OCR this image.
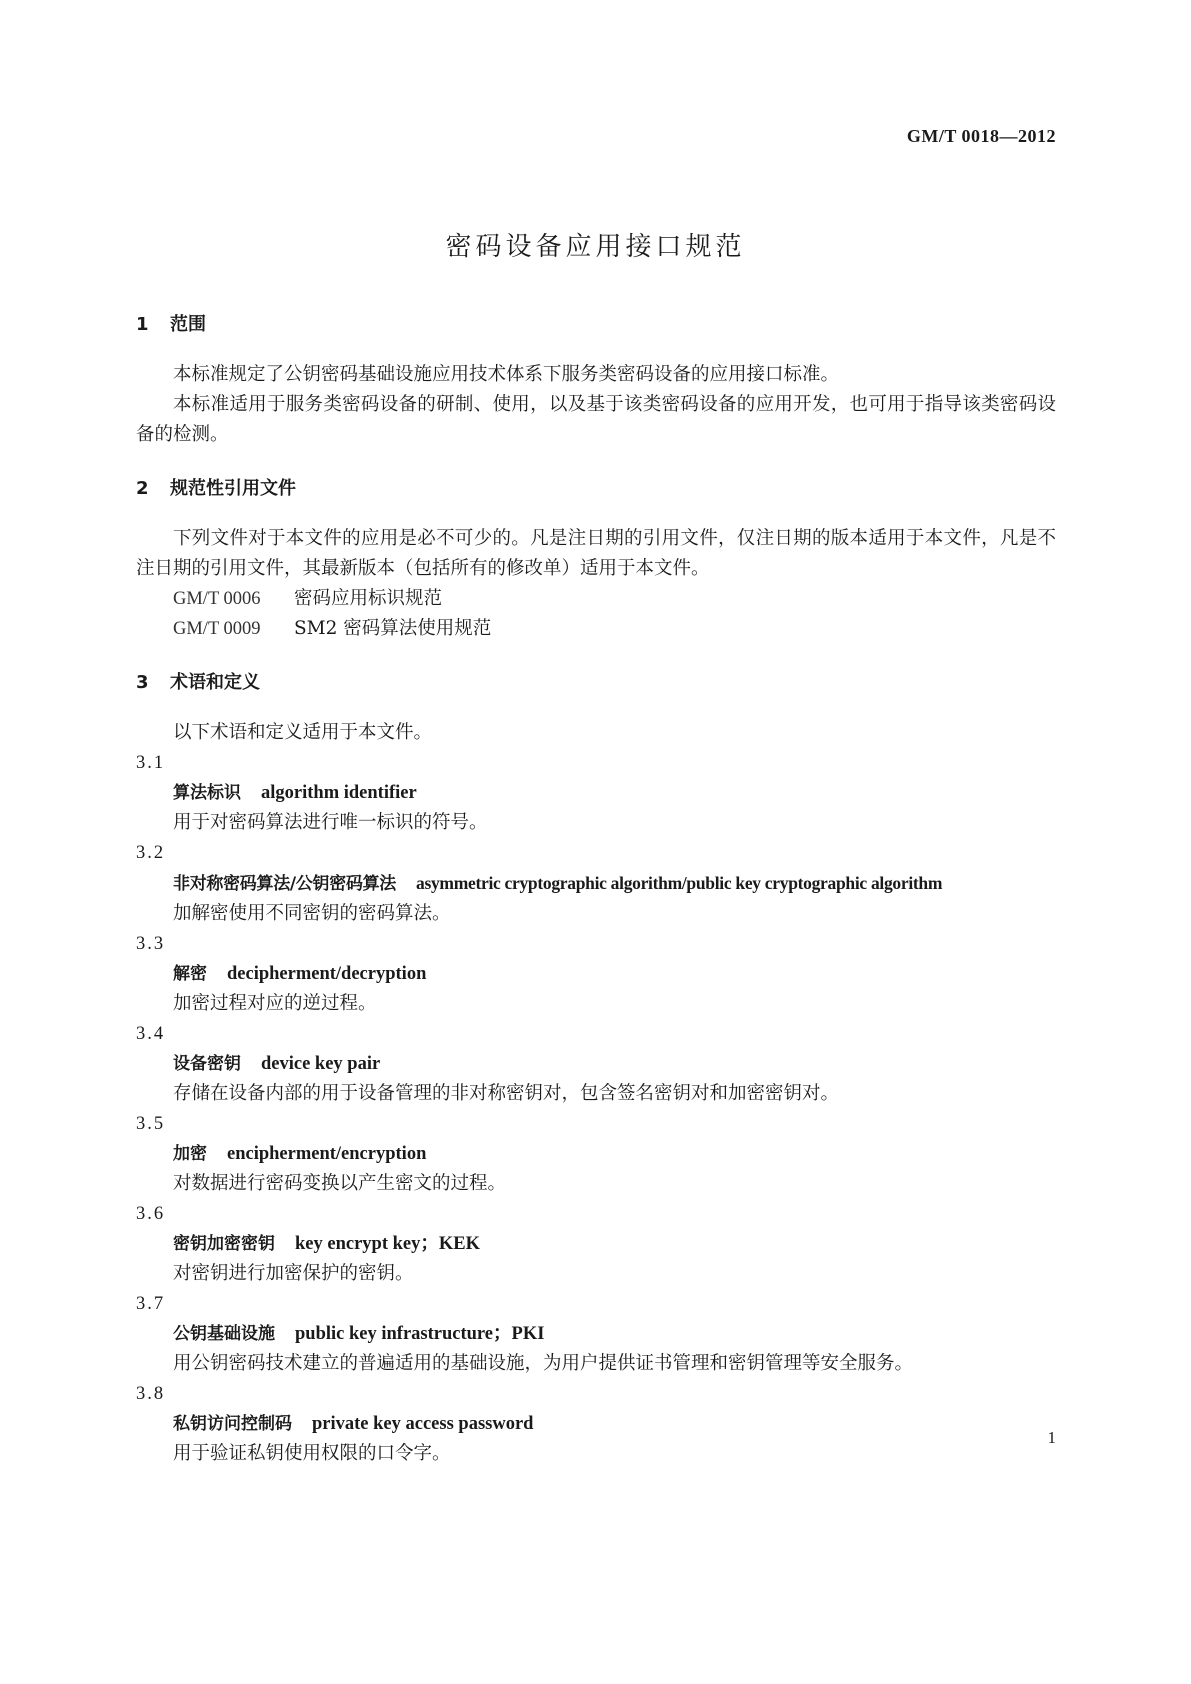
GM/T 0018—2012
密码设备应用接口规范
1 范围

本标准规定了公钥密码基础设施应用技术体系下服务类密码设备的应用接口标准。

本标准适用于服务类密码设备的研制、使用，以及基于该类密码设备的应用开发，也可用于指导该类密码设备的检测。

2 规范性引用文件

下列文件对于本文件的应用是必不可少的。凡是注日期的引用文件，仅注日期的版本适用于本文件，凡是不注日期的引用文件，其最新版本（包括所有的修改单）适用于本文件。

GM/T 0006 密码应用标识规范

GM/T 0009 SM2 密码算法使用规范

3 术语和定义

以下术语和定义适用于本文件。

3.1

算法标识 algorithm identifier

用于对密码算法进行唯一标识的符号。

3.2

非对称密码算法/公钥密码算法 asymmetric cryptographic algorithm/public key cryptographic algorithm

加解密使用不同密钥的密码算法。

3.3

解密 decipherment/decryption

加密过程对应的逆过程。

3.4

设备密钥 device key pair

存储在设备内部的用于设备管理的非对称密钥对，包含签名密钥对和加密密钥对。

3.5

加密 encipherment/encryption

对数据进行密码变换以产生密文的过程。

3.6

密钥加密密钥 key encrypt key；KEK

对密钥进行加密保护的密钥。

3.7

公钥基础设施 public key infrastructure；PKI

用公钥密码技术建立的普遍适用的基础设施，为用户提供证书管理和密钥管理等安全服务。

3.8

私钥访问控制码 private key access password

用于验证私钥使用权限的口令字。

1
